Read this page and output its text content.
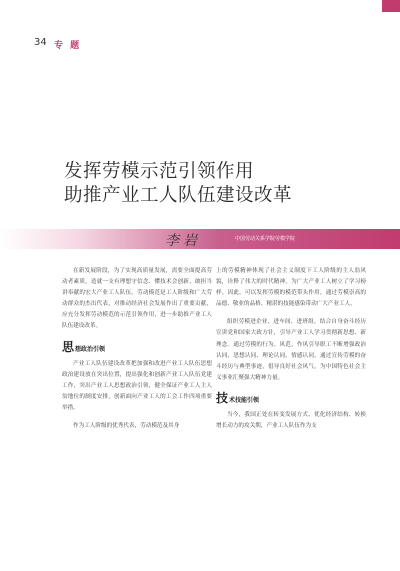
34 专 题
发挥劳模示范引领作用
助推产业工人队伍建设改革
李岩	中国劳动关系学院劳模学院

在新发展阶段，为了实现高质量发展，需要全面提高劳动者素质，造就一支有理想守信念、懂技术会创新、敢担当讲奉献的宏大产业工人队伍。劳动模范是工人阶级和广大劳动群众的杰出代表，对推动经济社会发展作出了重要贡献，应充分发挥劳动模范的示范引领作用，进一步助推产业工人队伍建设改革。

思 想政治引领

产业工人队伍建设改革把加强和改进产业工人队伍思想政治建设放在突出位置，提出强化和创新产业工人队伍党建工作，突出产业工人思想政治引领，健全保证产业工人主人翁地位的制度安排，创新面向产业工人的工会工作四项重要举措。

作为工人阶级的优秀代表，劳动模范及其身

上的劳模精神体现了社会主义制度下工人阶级的主人翁风貌，诠释了伟大的时代精神，为广大产业工人树立了学习榜样。因此，可以发挥劳模的模范带头作用，通过劳模崇高的品德、敬业的品格、精湛的技能感染带动广大产业工人。

组织劳模进企业、进车间、进班组，结合自身奋斗经历宣讲党和国家大政方针，引导产业工人学习贯彻新思想、新理念。通过劳模的行为、风范，作风引导职工不断增强政治认同、思想认同、理论认同、情感认同，通过宣传劳模的奋斗经历与典型事迹，倡导良好社会风气，为中国特色社会主义事业汇聚强大精神力量。

技 术技能引领

当今，我国正处在转变发展方式、优化经济结构、转换增长动力的攻关期，产业工人队伍作为支
